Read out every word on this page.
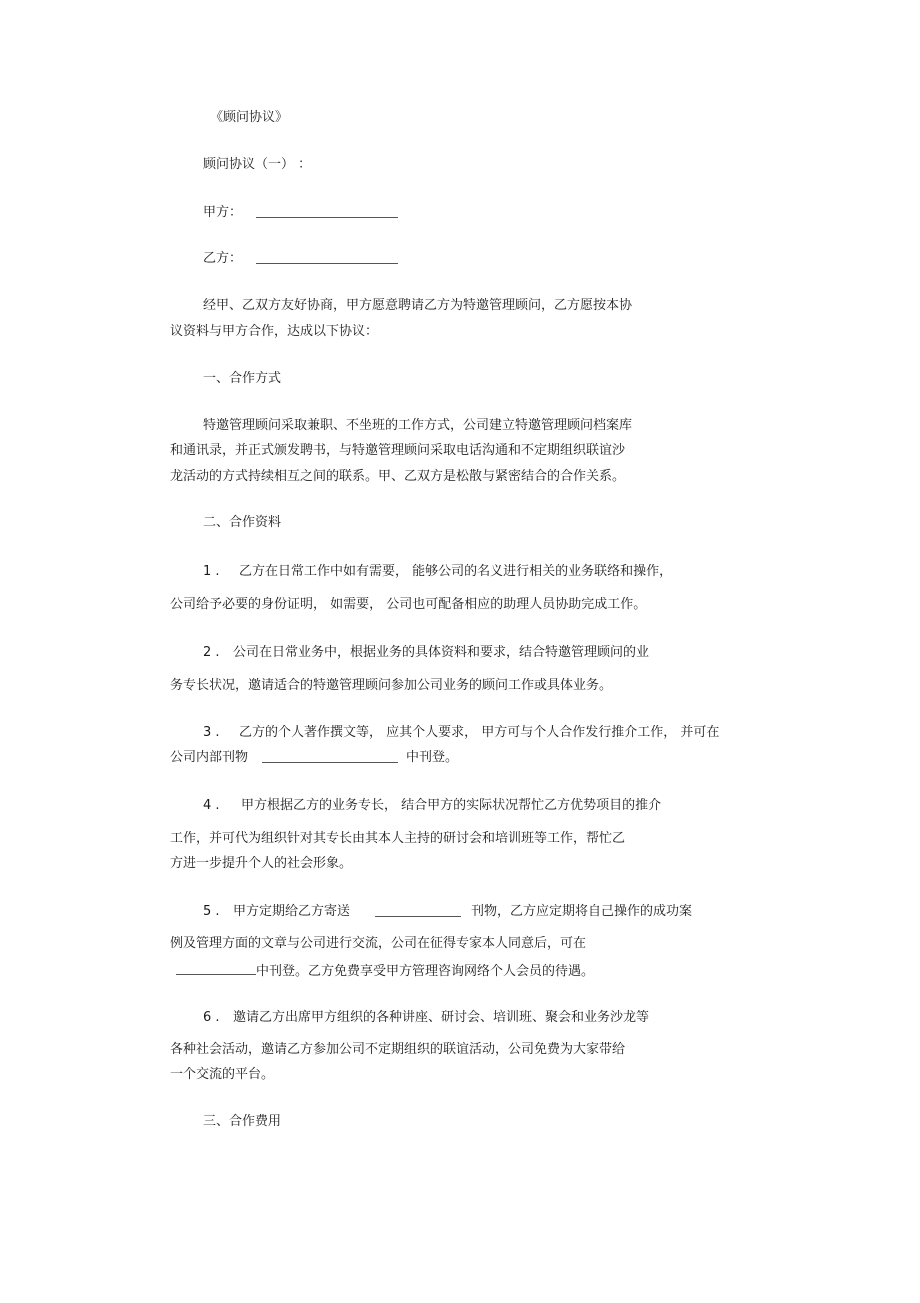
《顾问协议》
顾问协议（一） ：
甲方：
乙方：
经甲、乙双方友好协商，甲方愿意聘请乙方为特邀管理顾问，乙方愿按本协
议资料与甲方合作，达成以下协议：
一、合作方式
特邀管理顾问采取兼职、不坐班的工作方式，公司建立特邀管理顾问档案库
和通讯录，并正式颁发聘书，与特邀管理顾问采取电话沟通和不定期组织联谊沙
龙活动的方式持续相互之间的联系。甲、乙双方是松散与紧密结合的合作关系。
二、合作资料
1 . 乙方在日常工作中如有需要， 能够公司的名义进行相关的业务联络和操作，
公司给予必要的身份证明， 如需要， 公司也可配备相应的助理人员协助完成工作。
2 . 公司在日常业务中，根据业务的具体资料和要求，结合特邀管理顾问的业
务专长状况，邀请适合的特邀管理顾问参加公司业务的顾问工作或具体业务。
3 . 乙方的个人著作撰文等， 应其个人要求， 甲方可与个人合作发行推介工作， 并可在
公司内部刊物	中刊登。
4 . 甲方根据乙方的业务专长， 结合甲方的实际状况帮忙乙方优势项目的推介
工作，并可代为组织针对其专长由其本人主持的研讨会和培训班等工作，帮忙乙
方进一步提升个人的社会形象。
5 . 甲方定期给乙方寄送	刊物，乙方应定期将自己操作的成功案
例及管理方面的文章与公司进行交流，公司在征得专家本人同意后，可在
中刊登。乙方免费享受甲方管理咨询网络个人会员的待遇。
6 . 邀请乙方出席甲方组织的各种讲座、研讨会、培训班、聚会和业务沙龙等
各种社会活动，邀请乙方参加公司不定期组织的联谊活动，公司免费为大家带给
一个交流的平台。
三、合作费用
